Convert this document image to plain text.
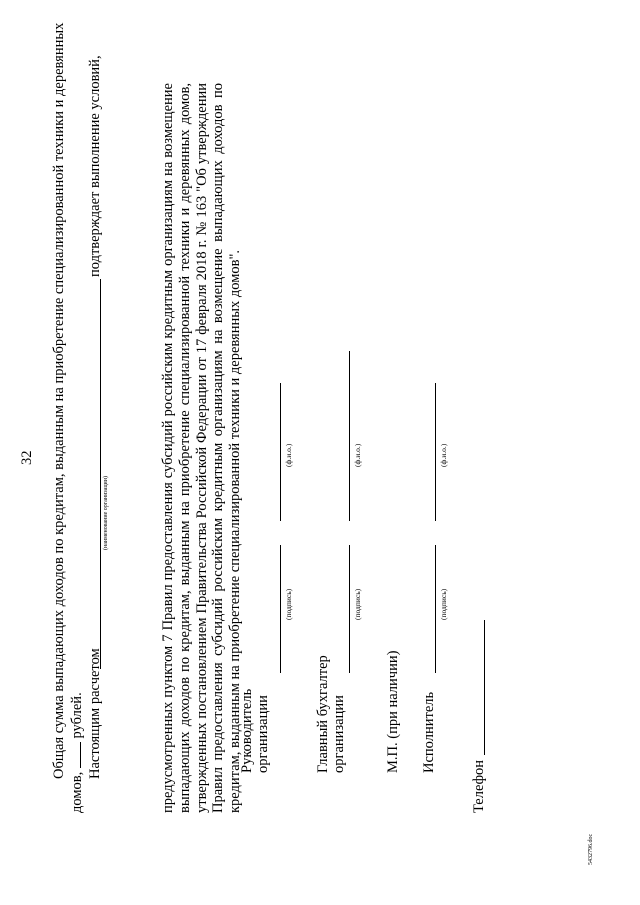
32 Общая сумма выпадающих доходов по кредитам, выданным на приобретение специализированной техники и деревянных
домов,  рублей. Настоящим расчетом
подтверждает выполнение условий,
(наименование организации)	предусмотренных пунктом 7 Правил предоставления субсидий российским кредитным организациям на возмещение выпадающих доходов по кредитам, выданным на приобретение специализированной техники и деревянных домов, утвержденных постановлением Правительства Российской Федерации от 17 февраля 2018 г. № 163 "Об утверждении Правил предоставления субсидий российским кредитным организациям на возмещение выпадающих доходов по кредитам, выданным на приобретение специализированной техники и деревянных домов".
Руководитель организации
(подпись)
(ф.и.о.)
Главный бухгалтер организации
(подпись)
(ф.и.о.)
М.П. (при наличии) Исполнитель
(подпись)
(ф.и.о.)
Телефон
5432796.doc
